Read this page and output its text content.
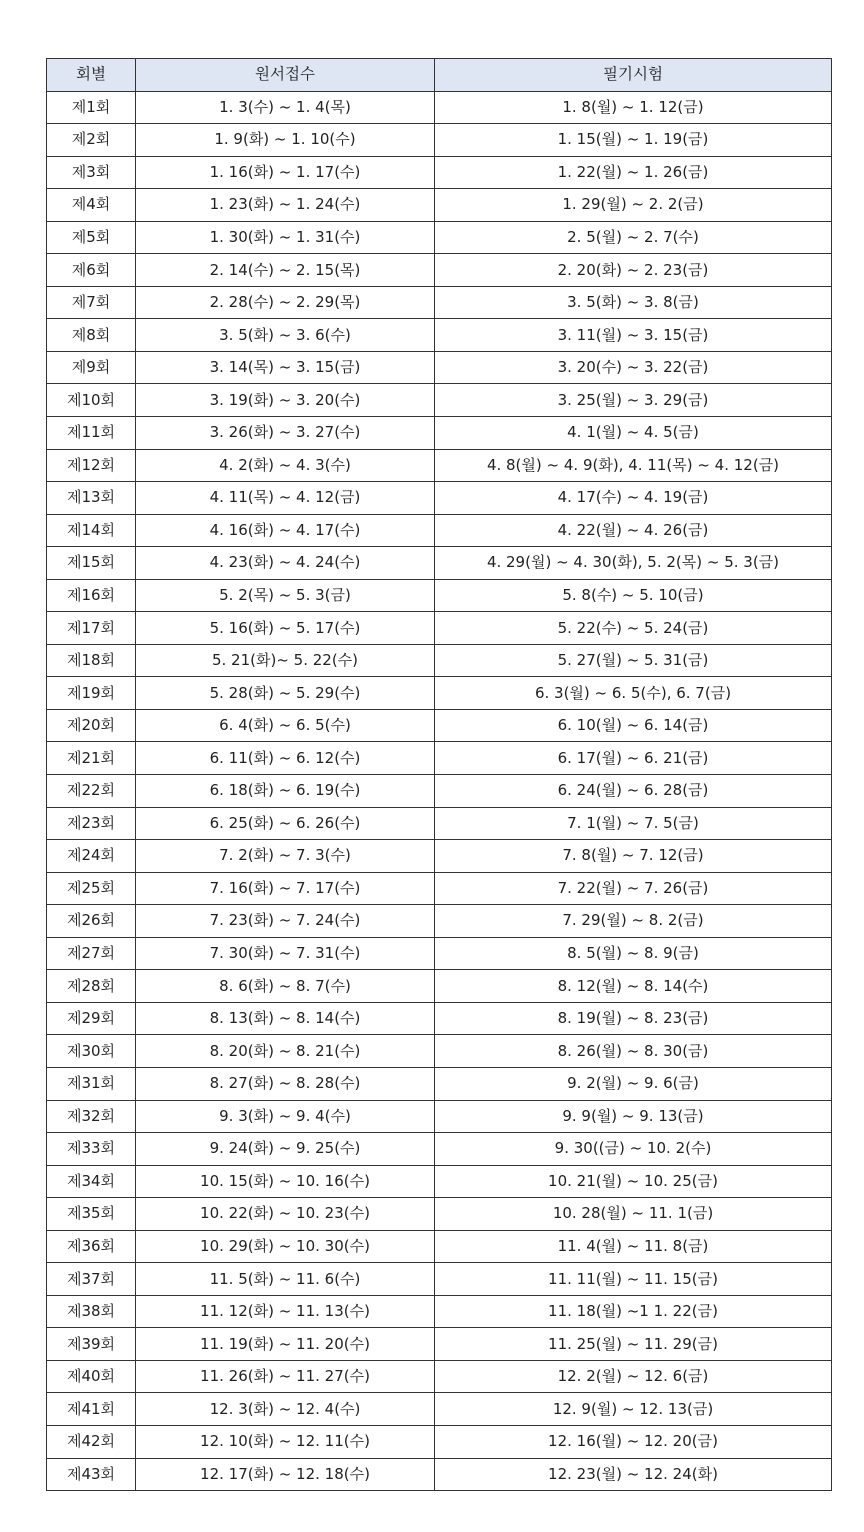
회별	원서접수	필기시험
제1회	1. 3(수) ~ 1. 4(목)	1. 8(월) ~ 1. 12(금)
제2회	1. 9(화) ~ 1. 10(수)	1. 15(월) ~ 1. 19(금)
제3회	1. 16(화) ~ 1. 17(수)	1. 22(월) ~ 1. 26(금)
제4회	1. 23(화) ~ 1. 24(수)	1. 29(월) ~ 2. 2(금)
제5회	1. 30(화) ~ 1. 31(수)	2. 5(월) ~ 2. 7(수)
제6회	2. 14(수) ~ 2. 15(목)	2. 20(화) ~ 2. 23(금)
제7회	2. 28(수) ~ 2. 29(목)	3. 5(화) ~ 3. 8(금)
제8회	3. 5(화) ~ 3. 6(수)	3. 11(월) ~ 3. 15(금)
제9회	3. 14(목) ~ 3. 15(금)	3. 20(수) ~ 3. 22(금)
제10회	3. 19(화) ~ 3. 20(수)	3. 25(월) ~ 3. 29(금)
제11회	3. 26(화) ~ 3. 27(수)	4. 1(월) ~ 4. 5(금)
제12회	4. 2(화) ~ 4. 3(수)	4. 8(월) ~ 4. 9(화), 4. 11(목) ~ 4. 12(금)
제13회	4. 11(목) ~ 4. 12(금)	4. 17(수) ~ 4. 19(금)
제14회	4. 16(화) ~ 4. 17(수)	4. 22(월) ~ 4. 26(금)
제15회	4. 23(화) ~ 4. 24(수)	4. 29(월) ~ 4. 30(화), 5. 2(목) ~ 5. 3(금)
제16회	5. 2(목) ~ 5. 3(금)	5. 8(수) ~ 5. 10(금)
제17회	5. 16(화) ~ 5. 17(수)	5. 22(수) ~ 5. 24(금)
제18회	5. 21(화)~ 5. 22(수)	5. 27(월) ~ 5. 31(금)
제19회	5. 28(화) ~ 5. 29(수)	6. 3(월) ~ 6. 5(수), 6. 7(금)
제20회	6. 4(화) ~ 6. 5(수)	6. 10(월) ~ 6. 14(금)
제21회	6. 11(화) ~ 6. 12(수)	6. 17(월) ~ 6. 21(금)
제22회	6. 18(화) ~ 6. 19(수)	6. 24(월) ~ 6. 28(금)
제23회	6. 25(화) ~ 6. 26(수)	7. 1(월) ~ 7. 5(금)
제24회	7. 2(화) ~ 7. 3(수)	7. 8(월) ~ 7. 12(금)
제25회	7. 16(화) ~ 7. 17(수)	7. 22(월) ~ 7. 26(금)
제26회	7. 23(화) ~ 7. 24(수)	7. 29(월) ~ 8. 2(금)
제27회	7. 30(화) ~ 7. 31(수)	8. 5(월) ~ 8. 9(금)
제28회	8. 6(화) ~ 8. 7(수)	8. 12(월) ~ 8. 14(수)
제29회	8. 13(화) ~ 8. 14(수)	8. 19(월) ~ 8. 23(금)
제30회	8. 20(화) ~ 8. 21(수)	8. 26(월) ~ 8. 30(금)
제31회	8. 27(화) ~ 8. 28(수)	9. 2(월) ~ 9. 6(금)
제32회	9. 3(화) ~ 9. 4(수)	9. 9(월) ~ 9. 13(금)
제33회	9. 24(화) ~ 9. 25(수)	9. 30((금) ~ 10. 2(수)
제34회	10. 15(화) ~ 10. 16(수)	10. 21(월) ~ 10. 25(금)
제35회	10. 22(화) ~ 10. 23(수)	10. 28(월) ~ 11. 1(금)
제36회	10. 29(화) ~ 10. 30(수)	11. 4(월) ~ 11. 8(금)
제37회	11. 5(화) ~ 11. 6(수)	11. 11(월) ~ 11. 15(금)
제38회	11. 12(화) ~ 11. 13(수)	11. 18(월) ~1 1. 22(금)
제39회	11. 19(화) ~ 11. 20(수)	11. 25(월) ~ 11. 29(금)
제40회	11. 26(화) ~ 11. 27(수)	12. 2(월) ~ 12. 6(금)
제41회	12. 3(화) ~ 12. 4(수)	12. 9(월) ~ 12. 13(금)
제42회	12. 10(화) ~ 12. 11(수)	12. 16(월) ~ 12. 20(금)
제43회	12. 17(화) ~ 12. 18(수)	12. 23(월) ~ 12. 24(화)
